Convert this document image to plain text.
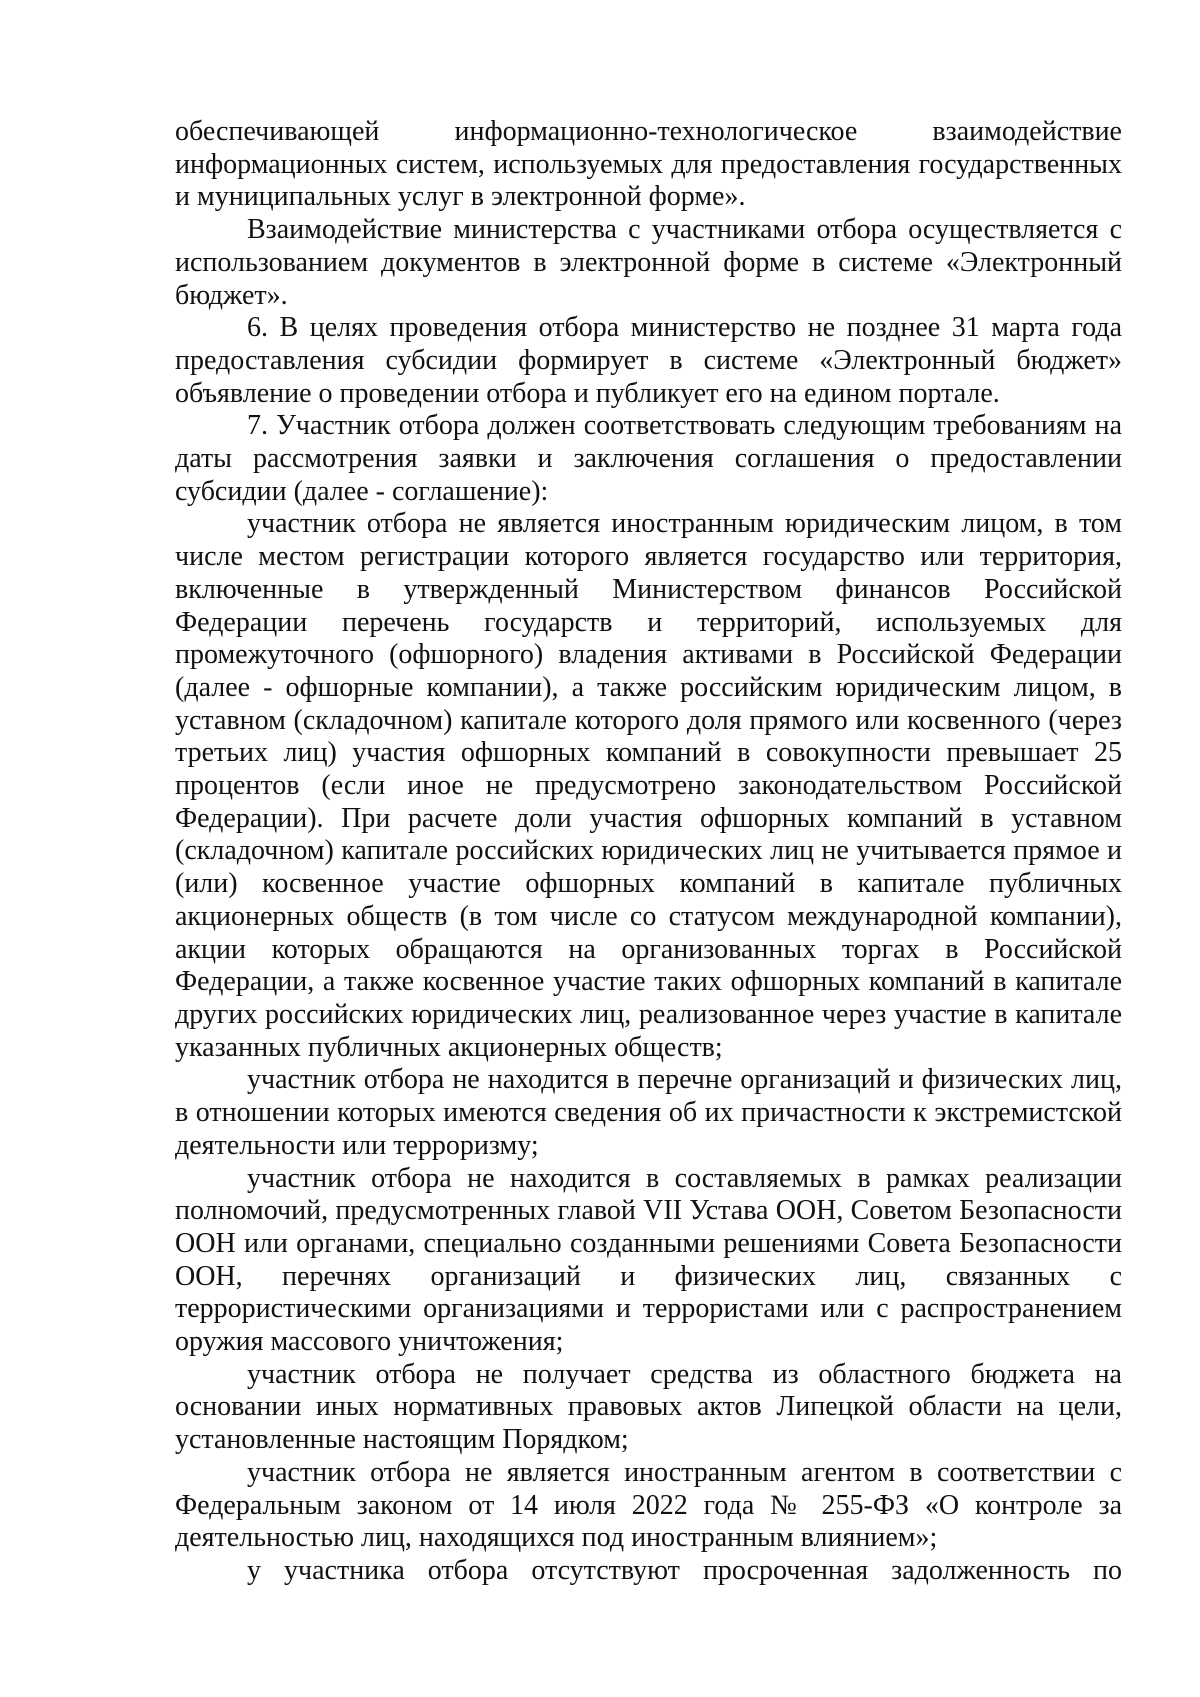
обеспечивающей информационно-технологическое взаимодействие информационных систем, используемых для предоставления государственных и муниципальных услуг в электронной форме».

Взаимодействие министерства с участниками отбора осуществляется с использованием документов в электронной форме в системе «Электронный бюджет».

6. В целях проведения отбора министерство не позднее 31 марта года предоставления субсидии формирует в системе «Электронный бюджет» объявление о проведении отбора и публикует его на едином портале.

7. Участник отбора должен соответствовать следующим требованиям на даты рассмотрения заявки и заключения соглашения о предоставлении субсидии (далее - соглашение):

участник отбора не является иностранным юридическим лицом, в том числе местом регистрации которого является государство или территория, включенные в утвержденный Министерством финансов Российской Федерации перечень государств и территорий, используемых для промежуточного (офшорного) владения активами в Российской Федерации (далее - офшорные компании), а также российским юридическим лицом, в уставном (складочном) капитале которого доля прямого или косвенного (через третьих лиц) участия офшорных компаний в совокупности превышает 25 процентов (если иное не предусмотрено законодательством Российской Федерации). При расчете доли участия офшорных компаний в уставном (складочном) капитале российских юридических лиц не учитывается прямое и (или) косвенное участие офшорных компаний в капитале публичных акционерных обществ (в том числе со статусом международной компании), акции которых обращаются на организованных торгах в Российской Федерации, а также косвенное участие таких офшорных компаний в капитале других российских юридических лиц, реализованное через участие в капитале указанных публичных акционерных обществ;

участник отбора не находится в перечне организаций и физических лиц, в отношении которых имеются сведения об их причастности к экстремистской деятельности или терроризму;

участник отбора не находится в составляемых в рамках реализации полномочий, предусмотренных главой VII Устава ООН, Советом Безопасности ООН или органами, специально созданными решениями Совета Безопасности ООН, перечнях организаций и физических лиц, связанных с террористическими организациями и террористами или с распространением оружия массового уничтожения;

участник отбора не получает средства из областного бюджета на основании иных нормативных правовых актов Липецкой области на цели, установленные настоящим Порядком;

участник отбора не является иностранным агентом в соответствии с Федеральным законом от 14 июля 2022 года № 255-ФЗ «О контроле за деятельностью лиц, находящихся под иностранным влиянием»;

у участника отбора отсутствуют просроченная задолженность по
